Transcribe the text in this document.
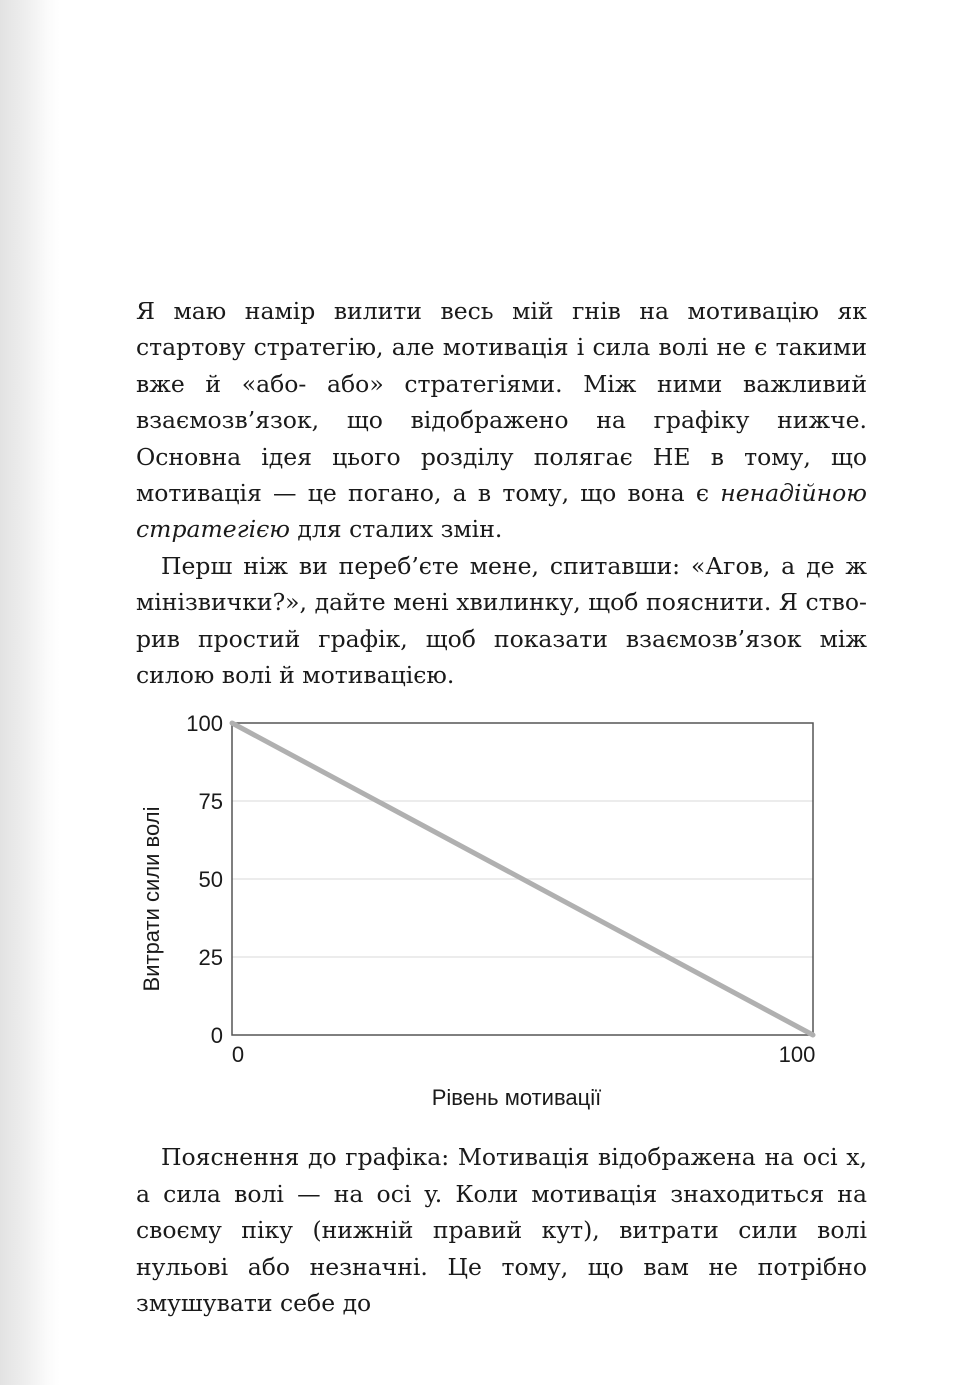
Я маю намір вилити весь мій гнів на мотивацію як стартову стратегію, але мотивація і сила волі не є такими вже й «або- або» стратегіями. Між ними важливий взаємозв’язок, що відображено на графіку нижче. Основна ідея цього розділу полягає НЕ в тому, що мотивація — це погано, а в тому, що вона є ненадійною стратегією для сталих змін.

Перш ніж ви переб’єте мене, спитавши: «Агов, а де ж мінізвички?», дайте мені хвилинку, щоб пояснити. Я ство- рив простий графік, щоб показати взаємозв’язок між силою волі й мотивацією.

0
25
50
75
100
0	100
Витрати сили волі
Рівень мотивації

Пояснення до графіка: Мотивація відображена на осі x, а сила волі — на осі y. Коли мотивація знаходиться на своєму піку (нижній правий кут), витрати сили волі нульові або незначні. Це тому, що вам не потрібно змушувати себе до
